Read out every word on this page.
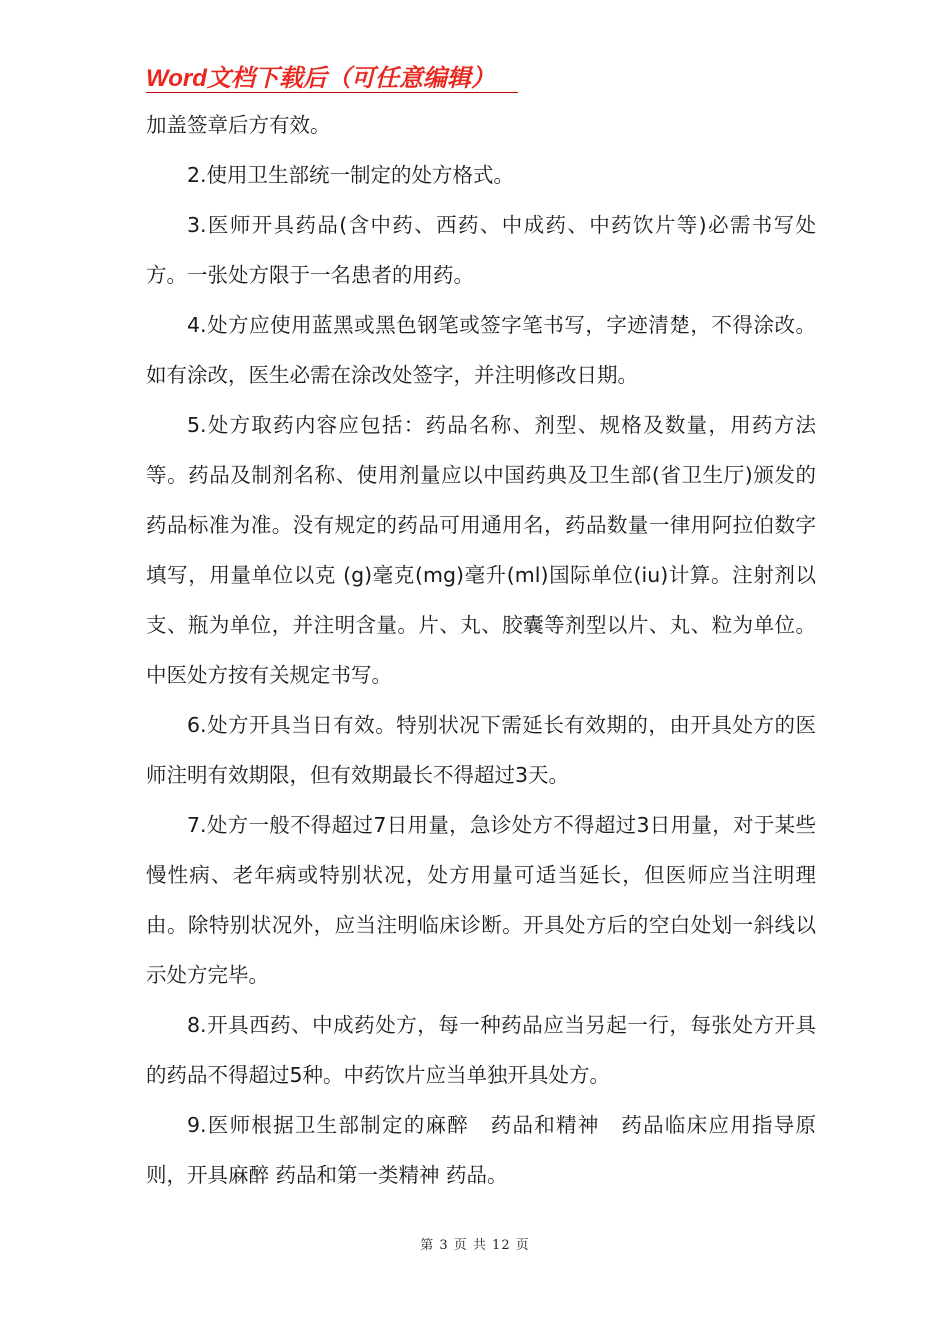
Word文档下载后（可任意编辑）

加盖签章后方有效。

2.使用卫生部统一制定的处方格式。

3.医师开具药品(含中药、西药、中成药、中药饮片等)必需书写处方。一张处方限于一名患者的用药。

4.处方应使用蓝黑或黑色钢笔或签字笔书写，字迹清楚，不得涂改。如有涂改，医生必需在涂改处签字，并注明修改日期。

5.处方取药内容应包括：药品名称、剂型、规格及数量，用药方法等。药品及制剂名称、使用剂量应以中国药典及卫生部(省卫生厅)颁发的药品标准为准。没有规定的药品可用通用名，药品数量一律用阿拉伯数字填写，用量单位以克 (g)毫克(mg)毫升(ml)国际单位(iu)计算。注射剂以支、瓶为单位，并注明含量。片、丸、胶囊等剂型以片、丸、粒为单位。中医处方按有关规定书写。

6.处方开具当日有效。特别状况下需延长有效期的，由开具处方的医师注明有效期限，但有效期最长不得超过3天。

7.处方一般不得超过7日用量，急诊处方不得超过3日用量，对于某些慢性病、老年病或特别状况，处方用量可适当延长，但医师应当注明理由。除特别状况外，应当注明临床诊断。开具处方后的空白处划一斜线以示处方完毕。

8.开具西药、中成药处方，每一种药品应当另起一行，每张处方开具的药品不得超过5种。中药饮片应当单独开具处方。

9.医师根据卫生部制定的麻醉　药品和精神　药品临床应用指导原则，开具麻醉 药品和第一类精神 药品。

第 3 页 共 12 页
